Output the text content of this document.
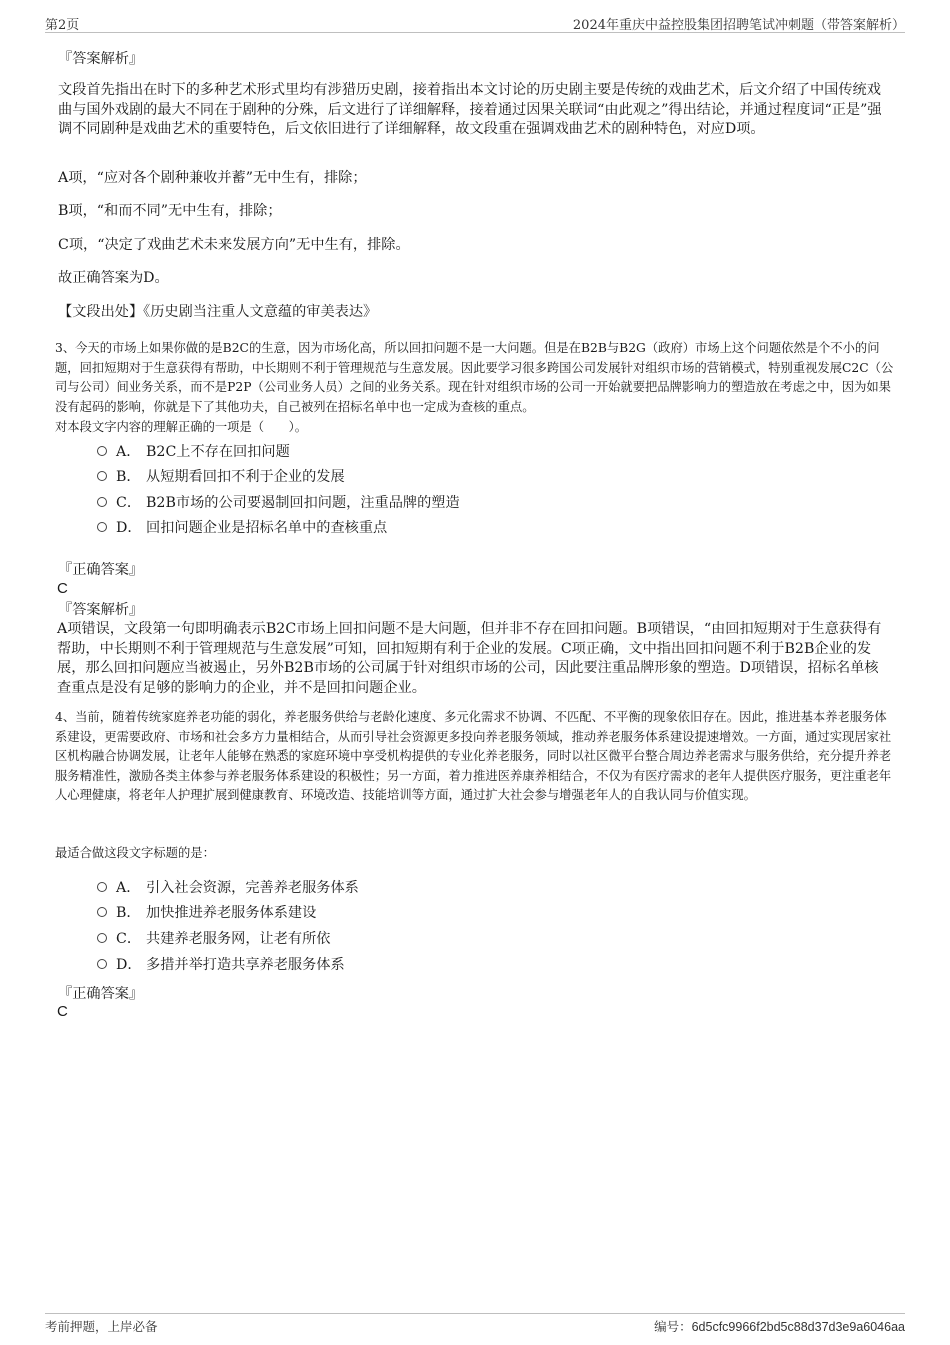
第2页	2024年重庆中益控股集团招聘笔试冲刺题（带答案解析）
『答案解析』
文段首先指出在时下的多种艺术形式里均有涉猎历史剧，接着指出本文讨论的历史剧主要是传统的戏曲艺术，后文介绍了中国传统戏曲与国外戏剧的最大不同在于剧种的分殊，后文进行了详细解释，接着通过因果关联词“由此观之”得出结论，并通过程度词“正是”强调不同剧种是戏曲艺术的重要特色，后文依旧进行了详细解释，故文段重在强调戏曲艺术的剧种特色，对应D项。
A项，“应对各个剧种兼收并蓄”无中生有，排除；
B项，“和而不同”无中生有，排除；
C项，“决定了戏曲艺术未来发展方向”无中生有，排除。
故正确答案为D。
【文段出处】《历史剧当注重人文意蕴的审美表达》
3、今天的市场上如果你做的是B2C的生意，因为市场化高，所以回扣问题不是一大问题。但是在B2B与B2G（政府）市场上这个问题依然是个不小的问题，回扣短期对于生意获得有帮助，中长期则不利于管理规范与生意发展。因此要学习很多跨国公司发展针对组织市场的营销模式，特别重视发展C2C（公司与公司）间业务关系，而不是P2P（公司业务人员）之间的业务关系。现在针对组织市场的公司一开始就要把品牌影响力的塑造放在考虑之中，因为如果没有起码的影响，你就是下了其他功夫，自己被列在招标名单中也一定成为查核的重点。
对本段文字内容的理解正确的一项是（　　）。
A． B2C上不存在回扣问题
B． 从短期看回扣不利于企业的发展
C． B2B市场的公司要遏制回扣问题，注重品牌的塑造
D． 回扣问题企业是招标名单中的查核重点
『正确答案』
C
『答案解析』
A项错误，文段第一句即明确表示B2C市场上回扣问题不是大问题，但并非不存在回扣问题。B项错误，“由回扣短期对于生意获得有帮助，中长期则不利于管理规范与生意发展”可知，回扣短期有利于企业的发展。C项正确，文中指出回扣问题不利于B2B企业的发展，那么回扣问题应当被遏止，另外B2B市场的公司属于针对组织市场的公司，因此要注重品牌形象的塑造。D项错误，招标名单核查重点是没有足够的影响力的企业，并不是回扣问题企业。
4、当前，随着传统家庭养老功能的弱化，养老服务供给与老龄化速度、多元化需求不协调、不匹配、不平衡的现象依旧存在。因此，推进基本养老服务体系建设，更需要政府、市场和社会多方力量相结合，从而引导社会资源更多投向养老服务领域，推动养老服务体系建设提速增效。一方面，通过实现居家社区机构融合协调发展，让老年人能够在熟悉的家庭环境中享受机构提供的专业化养老服务，同时以社区微平台整合周边养老需求与服务供给，充分提升养老服务精准性，激励各类主体参与养老服务体系建设的积极性；另一方面，着力推进医养康养相结合，不仅为有医疗需求的老年人提供医疗服务，更注重老年人心理健康，将老年人护理扩展到健康教育、环境改造、技能培训等方面，通过扩大社会参与增强老年人的自我认同与价值实现。
最适合做这段文字标题的是：
A． 引入社会资源，完善养老服务体系
B． 加快推进养老服务体系建设
C． 共建养老服务网，让老有所依
D． 多措并举打造共享养老服务体系
『正确答案』
C
考前押题，上岸必备	编号：6d5cfc9966f2bd5c88d37d3e9a6046aa
